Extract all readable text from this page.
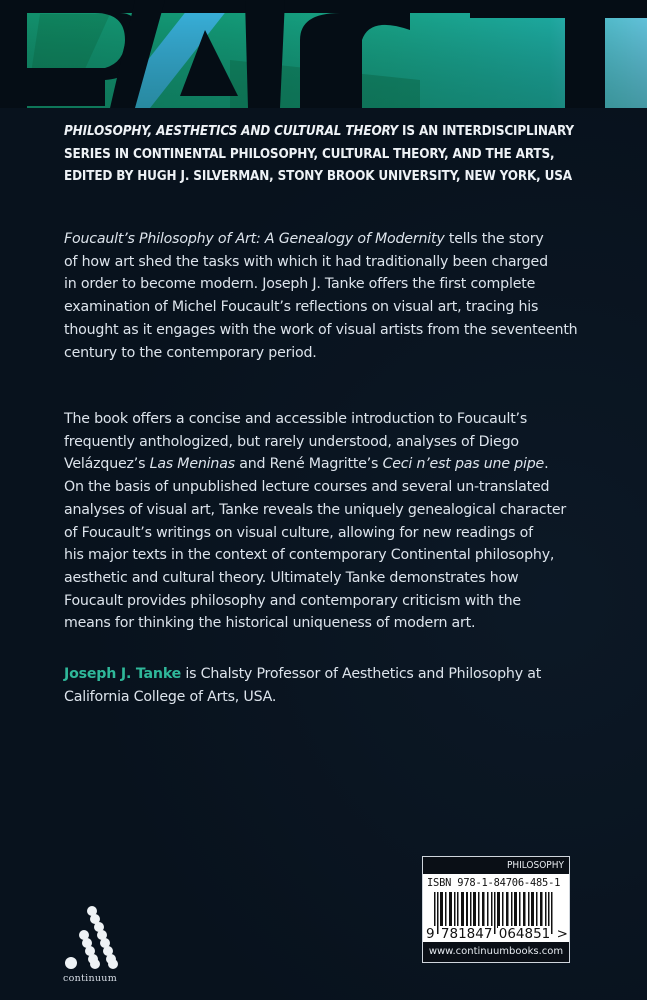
PHILOSOPHY, AESTHETICS AND CULTURAL THEORY IS AN INTERDISCIPLINARY
SERIES IN CONTINENTAL PHILOSOPHY, CULTURAL THEORY, AND THE ARTS,
EDITED BY HUGH J. SILVERMAN, STONY BROOK UNIVERSITY, NEW YORK, USA
Foucault’s Philosophy of Art: A Genealogy of Modernity tells the story
of how art shed the tasks with which it had traditionally been charged
in order to become modern. Joseph J. Tanke offers the first complete
examination of Michel Foucault’s reflections on visual art, tracing his
thought as it engages with the work of visual artists from the seventeenth
century to the contemporary period.
The book offers a concise and accessible introduction to Foucault’s
frequently anthologized, but rarely understood, analyses of Diego
Velázquez’s Las Meninas and René Magritte’s Ceci n’est pas une pipe.
On the basis of unpublished lecture courses and several un-translated
analyses of visual art, Tanke reveals the uniquely genealogical character
of Foucault’s writings on visual culture, allowing for new readings of
his major texts in the context of contemporary Continental philosophy,
aesthetic and cultural theory. Ultimately Tanke demonstrates how
Foucault provides philosophy and contemporary criticism with the
means for thinking the historical uniqueness of modern art.
Joseph J. Tanke is Chalsty Professor of Aesthetics and Philosophy at
California College of Arts, USA.
continuum
PHILOSOPHY
ISBN 978-1-84706-485-1
9 781847 064851 >
www.continuumbooks.com
